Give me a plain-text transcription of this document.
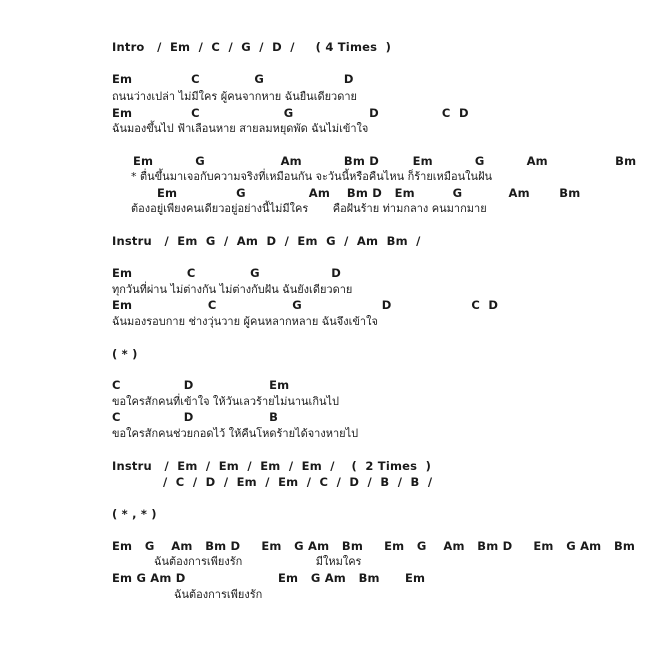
Intro   /  Em  /  C  /  G  /  D  /     ( 4 Times  )
Em              C             G                   D
ถนนว่างเปล่า ไม่มีใคร ผู้คนจากหาย ฉันยืนเดียวดาย
Em              C                    G                  D               C  D
ฉันมองขึ้นไป ฟ้าเลือนหาย สายลมหยุดพัด ฉันไม่เข้าใจ
Em          G                  Am          Bm D        Em          G          Am                Bm
* ตื่นขึ้นมาเจอกับความจริงที่เหมือนกัน จะวันนี้หรือคืนไหน ก็ร้ายเหมือนในฝัน
Em              G               Am    Bm D   Em         G           Am       Bm
ต้องอยู่เพียงคนเดียวอยู่อย่างนี้ไม่มีใคร       คือฝันร้าย ท่ามกลาง คนมากมาย
Instru   /  Em  G  /  Am  D  /  Em  G  /  Am  Bm  /
Em             C             G                 D
ทุกวันที่ผ่าน ไม่ต่างกัน ไม่ต่างกับฝัน ฉันยังเดียวดาย
Em                  C                  G                   D                   C  D
ฉันมองรอบกาย ช่างวุ่นวาย ผู้คนหลากหลาย ฉันจึงเข้าใจ
( * )
C               D                  Em
ขอใครสักคนที่เข้าใจ ให้วันเลวร้ายไม่นานเกินไป
C               D                  B
ขอใครสักคนช่วยกอดไว้ ให้คืนโหดร้ายได้จางหายไป
Instru   /  Em  /  Em  /  Em  /  Em  /    (  2 Times  )
/  C  /  D  /  Em  /  Em  /  C  /  D  /  B  /  B  /
( * , * )
Em   G    Am   Bm D     Em   G Am   Bm     Em   G    Am   Bm D     Em   G Am   Bm
ฉันต้องการเพียงรัก                     มีใหมใคร
Em G Am D                      Em   G Am   Bm      Em
ฉันต้องการเพียงรัก
